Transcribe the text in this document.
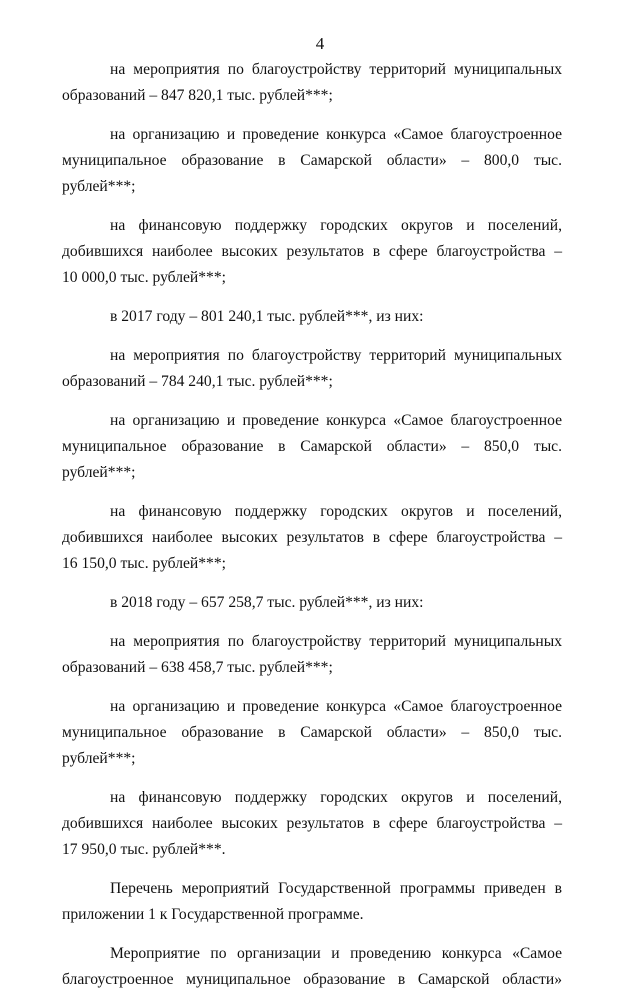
4
на мероприятия по благоустройству территорий муниципальных
образований – 847 820,1 тыс. рублей***;
на организацию и проведение конкурса «Самое благоустроенное
муниципальное образование в Самарской области» – 800,0 тыс.
рублей***;
на финансовую поддержку городских округов и поселений,
добившихся наиболее высоких результатов в сфере благоустройства –
10 000,0 тыс. рублей***;
в 2017 году – 801 240,1 тыс. рублей***, из них:
на мероприятия по благоустройству территорий муниципальных
образований – 784 240,1 тыс. рублей***;
на организацию и проведение конкурса «Самое благоустроенное
муниципальное образование в Самарской области» – 850,0 тыс.
рублей***;
на финансовую поддержку городских округов и поселений,
добившихся наиболее высоких результатов в сфере благоустройства –
16 150,0 тыс. рублей***;
в 2018 году – 657 258,7 тыс. рублей***, из них:
на мероприятия по благоустройству территорий муниципальных
образований – 638 458,7 тыс. рублей***;
на организацию и проведение конкурса «Самое благоустроенное
муниципальное образование в Самарской области» – 850,0 тыс.
рублей***;
на финансовую поддержку городских округов и поселений,
добившихся наиболее высоких результатов в сфере благоустройства –
17 950,0 тыс. рублей***.
Перечень мероприятий Государственной программы приведен в
приложении 1 к Государственной программе.
Мероприятие по организации и проведению конкурса «Самое
благоустроенное муниципальное образование в Самарской области»
